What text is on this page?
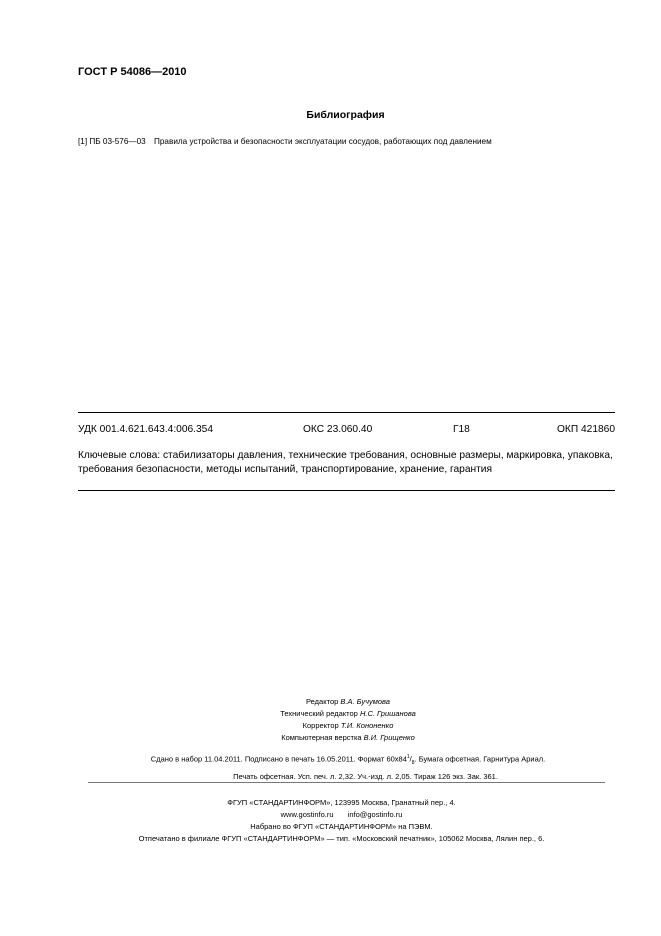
ГОСТ Р 54086—2010
Библиография
[1] ПБ 03-576—03 Правила устройства и безопасности эксплуатации сосудов, работающих под давлением
УДК 001.4.621.643.4:006.354	ОКС 23.060.40	Г18	ОКП 421860
Ключевые слова: стабилизаторы давления, технические требования, основные размеры, маркировка, упаковка, требования безопасности, методы испытаний, транспортирование, хранение, гарантия
Редактор В.А. Бучумова
Технический редактор Н.С. Гришанова
Корректор Т.И. Кононенко
Компьютерная верстка В.И. Грищенко
Сдано в набор 11.04.2011. Подписано в печать 16.05.2011. Формат $60х84^1/_8$. Бумага офсетная. Гарнитура Ариал.
Печать офсетная. Усп. печ. л. 2,32. Уч.-изд. л. 2,05. Тираж 126 экз. Зак. 361.
ФГУП «СТАНДАРТИНФОРМ», 123995 Москва, Гранатный пер., 4.
www.gostinfo.ru info@gostinfo.ru
Набрано во ФГУП «СТАНДАРТИНФОРМ» на ПЭВМ.
Отпечатано в филиале ФГУП «СТАНДАРТИНФОРМ» — тип. «Московский печатник», 105062 Москва, Лялин пер., 6.
